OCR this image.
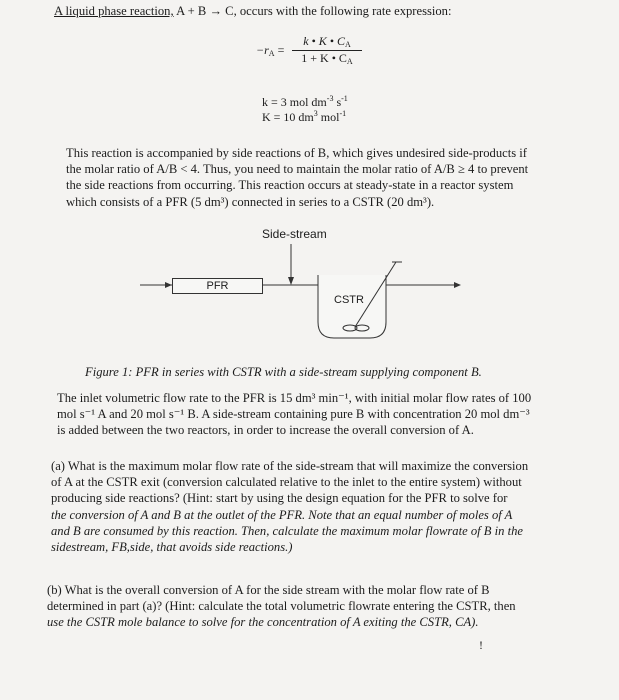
A liquid phase reaction, A + B → C, occurs with the following rate expression:
$-r_A$ =
k • K • $C_A$
1 + K • $C_A$
k = 3 mol $dm^{-3}$ $s^{-1}$
K = 10 $dm^3$ mol$^{-1}$
This reaction is accompanied by side reactions of B, which gives undesired side-products if
the molar ratio of A/B < 4. Thus, you need to maintain the molar ratio of A/B ≥ 4 to prevent
the side reactions from occurring. This reaction occurs at steady-state in a reactor system
which consists of a PFR (5 dm³) connected in series to a CSTR (20 dm³).
Side-stream
PFR
CSTR
Figure 1: PFR in series with CSTR with a side-stream supplying component B.
The inlet volumetric flow rate to the PFR is 15 dm³ min⁻¹, with initial molar flow rates of 100
mol s⁻¹ A and 20 mol s⁻¹ B. A side-stream containing pure B with concentration 20 mol dm⁻³
is added between the two reactors, in order to increase the overall conversion of A.
(a) What is the maximum molar flow rate of the side-stream that will maximize the conversion
of A at the CSTR exit (conversion calculated relative to the inlet to the entire system) without
producing side reactions? (Hint: start by using the design equation for the PFR to solve for
the conversion of A and B at the outlet of the PFR. Note that an equal number of moles of A
and B are consumed by this reaction. Then, calculate the maximum molar flowrate of B in the
sidestream, FB,side, that avoids side reactions.)
(b) What is the overall conversion of A for the side stream with the molar flow rate of B
determined in part (a)? (Hint: calculate the total volumetric flowrate entering the CSTR, then
use the CSTR mole balance to solve for the concentration of A exiting the CSTR, CA).
!
